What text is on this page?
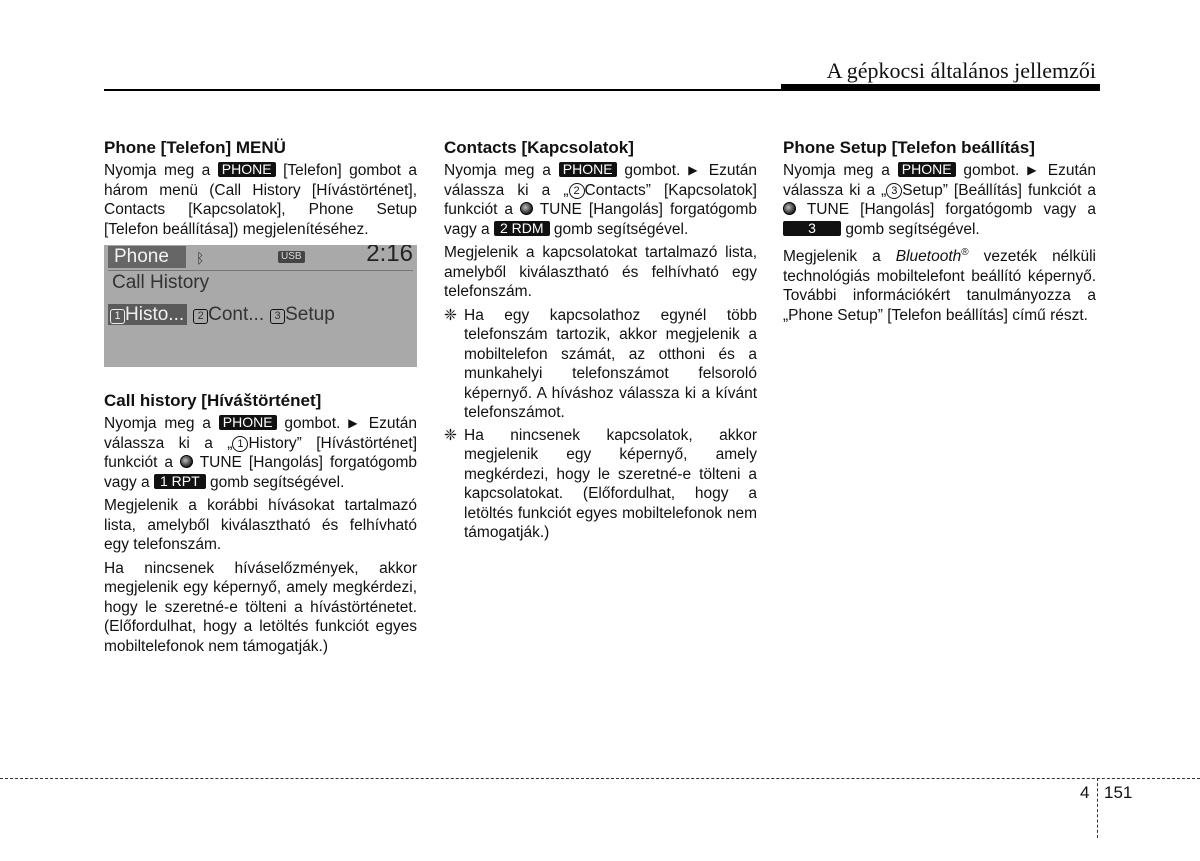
A gépkocsi általános jellemzői
Phone [Telefon] MENÜ

Nyomja meg a PHONE [Telefon] gombot a három menü (Call History [Hívástörténet], Contacts [Kapcsolatok], Phone Setup [Telefon beállítása]) megjelenítéséhez.

Phone	ᛒ	USB	2:16
Call History
1 Histo... 2 Cont... 3 Setup
Call history [Híváštörténet]

Nyomja meg a PHONE gombot. ▶ Ezután válassza ki a „ 1 History” [Hívástörténet] funkciót a TUNE [Hangolás] forgatógomb vagy a 1 RPT gomb segítségével.

Megjelenik a korábbi hívásokat tartalmazó lista, amelyből kiválasztható és felhívható egy telefonszám.

Ha nincsenek híváselőzmények, akkor megjelenik egy képernyő, amely megkérdezi, hogy le szeretné-e tölteni a hívástörténetet. (Előfordulhat, hogy a letöltés funkciót egyes mobiltelefonok nem támogatják.)

Contacts [Kapcsolatok]

Nyomja meg a PHONE gombot. ▶ Ezután válassza ki a „ 2 Contacts” [Kapcsolatok] funkciót a TUNE [Hangolás] forgatógomb vagy a 2 RDM gomb segítségével.

Megjelenik a kapcsolatokat tartalmazó lista, amelyből kiválasztható és felhívható egy telefonszám.

❈ Ha egy kapcsolathoz egynél több telefonszám tartozik, akkor megjelenik a mobiltelefon számát, az otthoni és a munkahelyi telefonszámot felsoroló képernyő. A híváshoz válassza ki a kívánt telefonszámot.
❈ Ha nincsenek kapcsolatok, akkor megjelenik egy képernyő, amely megkérdezi, hogy le szeretné-e tölteni a kapcsolatokat. (Előfordulhat, hogy a letöltés funkciót egyes mobiltelefonok nem támogatják.)
Phone Setup [Telefon beállítás]

Nyomja meg a PHONE gombot. ▶ Ezután válassza ki a „ 3 Setup” [Beállítás] funkciót a  TUNE [Hangolás] forgatógomb vagy a 3 gomb segítségével.

Megjelenik a Bluetooth® vezeték nélküli technológiás mobiltelefont beállító képernyő. További információkért tanulmányozza a „Phone Setup” [Telefon beállítás] című részt.

4 151
